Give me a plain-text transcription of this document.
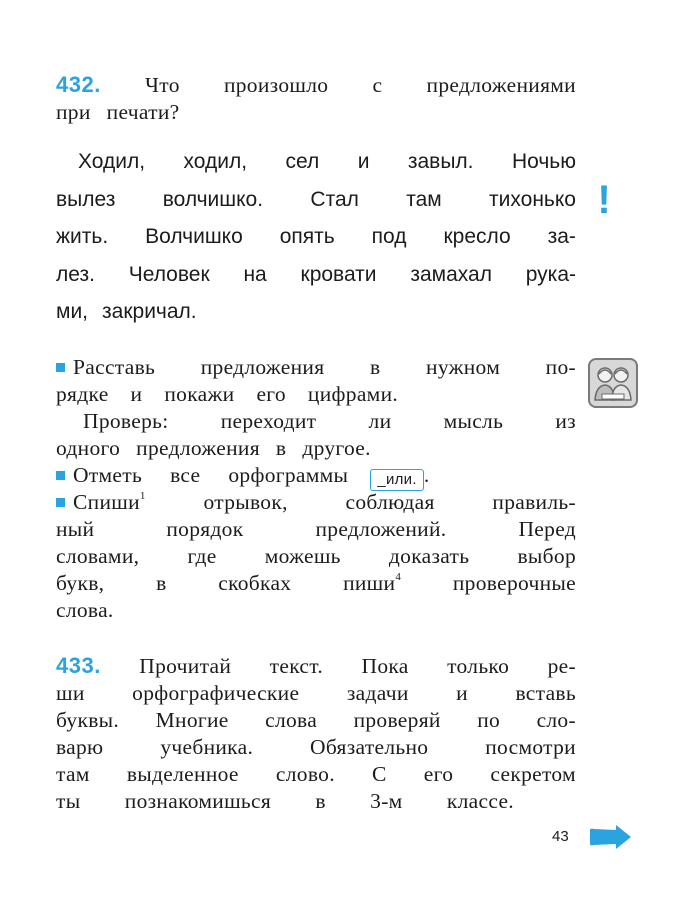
432. Что произошло с предложениями
при печати?
Ходил, ходил, сел и завыл. Ночью
вылез волчишко. Стал там тихонько
жить. Волчишко опять под кресло за-
лез. Человек на кровати замахал рука-
ми, закричал.
!
Расставь предложения в нужном по-
рядке и покажи его цифрами.
Проверь: переходит ли мысль из
одного предложения в другое.
Отметь все орфограммы	_или. .
Спиши$^1$	отрывок,	соблюдая	правиль-
ный	порядок	предложений.	Перед
словами, где можешь доказать выбор
букв, в скобках пиши$^4$ проверочные
слова.
433. Прочитай текст. Пока только ре-
ши орфографические задачи и вставь
буквы. Многие слова проверяй по сло-
варю	учебника.	Обязательно	посмотри
там выделенное слово. С его секретом
ты познакомишься в 3-м классе.
43
